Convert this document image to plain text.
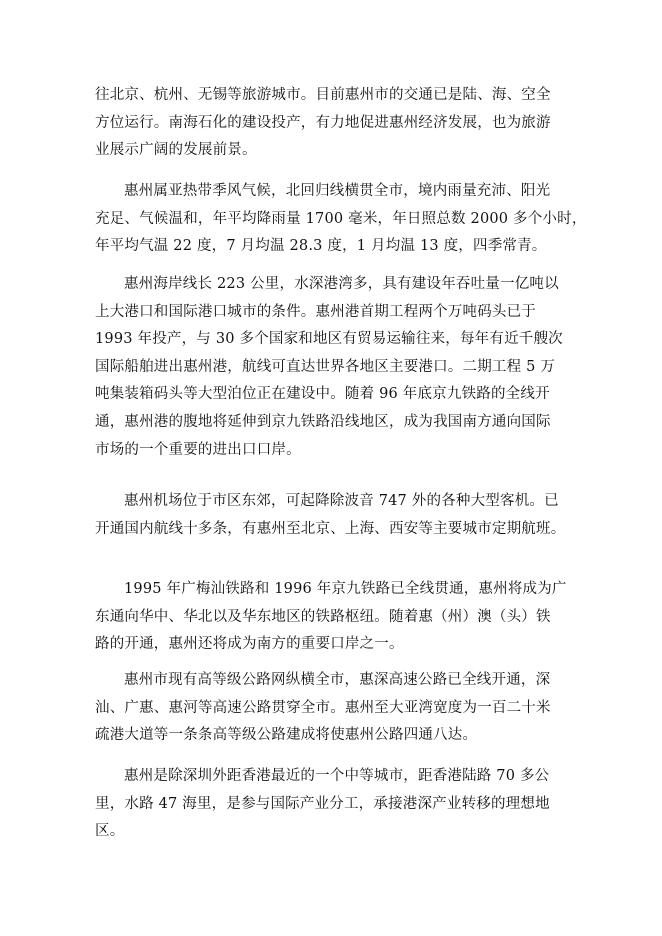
往北京、杭州、无锡等旅游城市。目前惠州市的交通已是陆、海、空全
方位运行。南海石化的建设投产，有力地促进惠州经济发展，也为旅游
业展示广阔的发展前景。
惠州属亚热带季风气候，北回归线横贯全市，境内雨量充沛、阳光
充足、气候温和，年平均降雨量 1700 毫米，年日照总数 2000 多个小时，
年平均气温 22 度，7 月均温 28.3 度，1 月均温 13 度，四季常青。
惠州海岸线长 223 公里，水深港湾多，具有建设年吞吐量一亿吨以
上大港口和国际港口城市的条件。惠州港首期工程两个万吨码头已于
1993 年投产，与 30 多个国家和地区有贸易运输往来，每年有近千艘次
国际船舶进出惠州港，航线可直达世界各地区主要港口。二期工程 5 万
吨集装箱码头等大型泊位正在建设中。随着 96 年底京九铁路的全线开
通，惠州港的腹地将延伸到京九铁路沿线地区，成为我国南方通向国际
市场的一个重要的进出口口岸。
惠州机场位于市区东郊，可起降除波音 747 外的各种大型客机。已
开通国内航线十多条，有惠州至北京、上海、西安等主要城市定期航班。
1995 年广梅汕铁路和 1996 年京九铁路已全线贯通，惠州将成为广
东通向华中、华北以及华东地区的铁路枢纽。随着惠（州）澳（头）铁
路的开通，惠州还将成为南方的重要口岸之一。
惠州市现有高等级公路网纵横全市，惠深高速公路已全线开通，深
汕、广惠、惠河等高速公路贯穿全市。惠州至大亚湾宽度为一百二十米
疏港大道等一条条高等级公路建成将使惠州公路四通八达。
惠州是除深圳外距香港最近的一个中等城市，距香港陆路 70 多公
里，水路 47 海里，是参与国际产业分工，承接港深产业转移的理想地
区。
